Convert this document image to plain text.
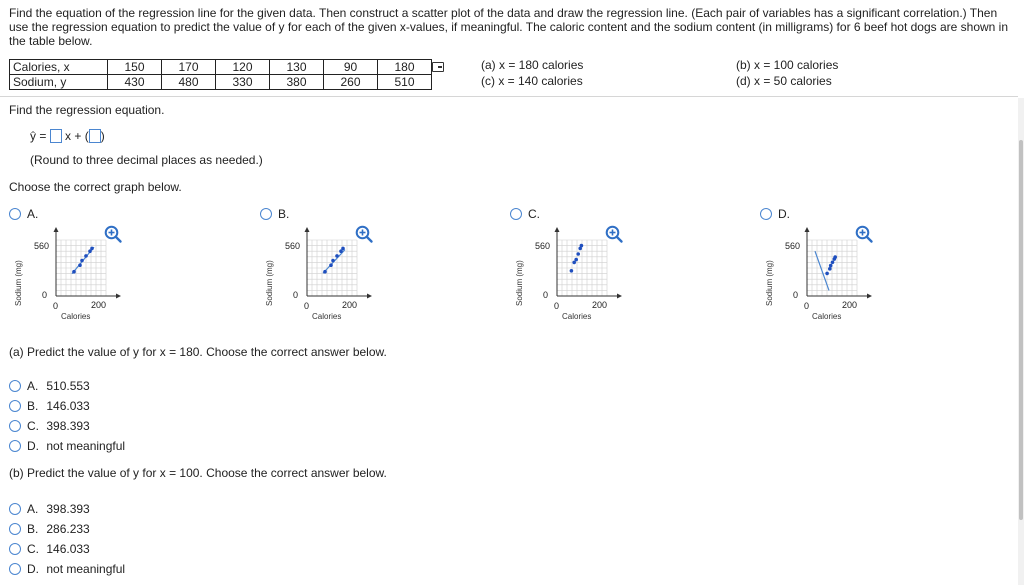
Find the equation of the regression line for the given data. Then construct a scatter plot of the data and draw the regression line. (Each pair of variables has a significant correlation.) Then use the regression equation to predict the value of y for each of the given x-values, if meaningful. The caloric content and the sodium content (in milligrams) for 6 beef hot dogs are shown in the table below.
Calories, x	150	170	120	130	90	180
Sodium, y	430	480	330	380	260	510
(a) x = 180 calories
(c) x = 140 calories
(b) x = 100 calories
(d) x = 50 calories
Find the regression equation.
ŷ = x + ( )
(Round to three decimal places as needed.)
Choose the correct graph below.
A.
Sodium (mg)
560
0
0	200
Calories
B.
Sodium (mg)
560
0
0	200
Calories
C.
Sodium (mg)
560
0
0	200
Calories
D.
Sodium (mg)
560
0
0	200
Calories
(a) Predict the value of y for x = 180. Choose the correct answer below.
A. 510.553
B. 146.033
C. 398.393
D. not meaningful
(b) Predict the value of y for x = 100. Choose the correct answer below.
A. 398.393
B. 286.233
C. 146.033
D. not meaningful
